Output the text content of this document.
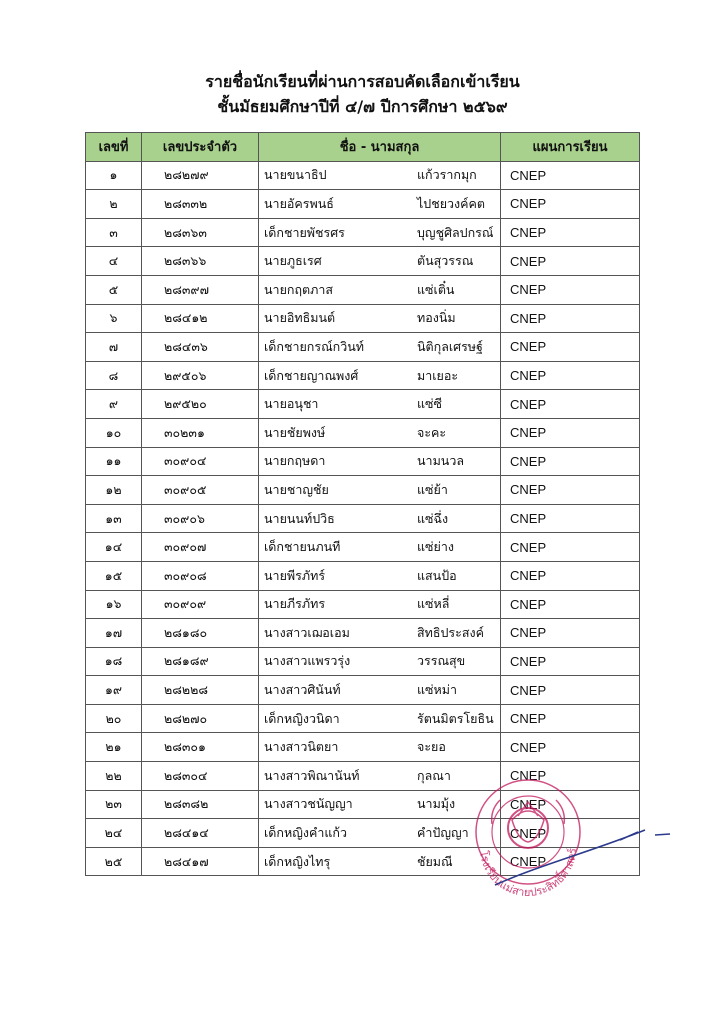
รายชื่อนักเรียนที่ผ่านการสอบคัดเลือกเข้าเรียน
ชั้นมัธยมศึกษาปีที่ ๔/๗ ปีการศึกษา ๒๕๖๙
เลขที่	เลขประจำตัว	ชื่อ - นามสกุล	แผนการเรียน
๑	๒๘๒๗๙	นายขนาธิป แก้วรากมุก	CNEP
๒	๒๘๓๓๒	นายอัครพนธ์ ไปชยวงค์คต	CNEP
๓	๒๘๓๖๓	เด็กชายพัชรศร บุญชูศิลปกรณ์	CNEP
๔	๒๘๓๖๖	นายภูธเรศ ตันสุวรรณ	CNEP
๕	๒๘๓๙๗	นายกฤตภาส แซ่เติ๋น	CNEP
๖	๒๘๔๑๒	นายอิทธิมนต์ ทองนิ่ม	CNEP
๗	๒๘๔๓๖	เด็กชายกรณ์กวินท์ นิติกุลเศรษฐ์	CNEP
๘	๒๙๕๐๖	เด็กชายญาณพงศ์ มาเยอะ	CNEP
๙	๒๙๕๒๐	นายอนุชา แซ่ซี	CNEP
๑๐	๓๐๒๓๑	นายชัยพงษ์ จะคะ	CNEP
๑๑	๓๐๙๐๔	นายกฤษดา นามนวล	CNEP
๑๒	๓๐๙๐๕	นายชาญชัย แซ่ย้า	CNEP
๑๓	๓๐๙๐๖	นายนนท์ปวิธ แซ่ฉึ่ง	CNEP
๑๔	๓๐๙๐๗	เด็กชายนภนที แซ่ย่าง	CNEP
๑๕	๓๐๙๐๘	นายพีรภัทร์ แสนป้อ	CNEP
๑๖	๓๐๙๐๙	นายภีรภัทร แซ่หลี่	CNEP
๑๗	๒๘๑๘๐	นางสาวเฌอเอม สิทธิประสงค์	CNEP
๑๘	๒๘๑๘๙	นางสาวแพรวรุ่ง วรรณสุข	CNEP
๑๙	๒๘๒๒๘	นางสาวศินันท์ แซ่หม่า	CNEP
๒๐	๒๘๒๗๐	เด็กหญิงวนิดา รัตนมิตรโยธิน	CNEP
๒๑	๒๘๓๐๑	นางสาวนิตยา จะยอ	CNEP
๒๒	๒๘๓๐๔	นางสาวพิณานันท์ กุลณา	CNEP
๒๓	๒๘๓๘๒	นางสาวชนัญญา นามมุ้ง	CNEP
๒๔	๒๘๔๑๔	เด็กหญิงคำแก้ว คำปัญญา	CNEP
๒๕	๒๘๔๑๗	เด็กหญิงไทรุ ชัยมณี	CNEP
โรงเรียนแม่สายประสิทธิ์ศาสตร์
